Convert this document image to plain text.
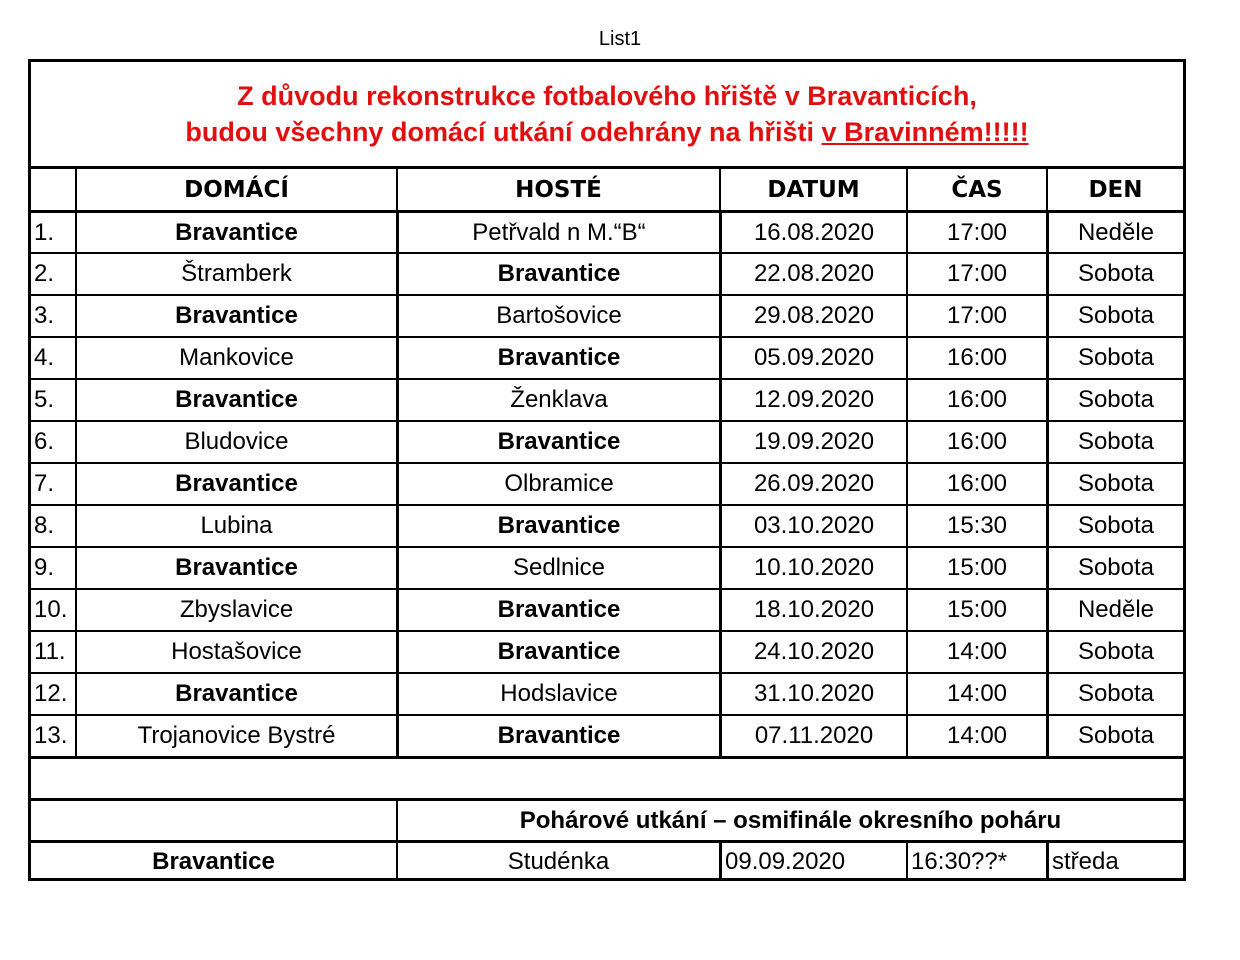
List1
Z důvodu rekonstrukce fotbalového hřiště v Bravanticích,
budou všechny domácí utkání odehrány na hřišti v Bravinném!!!!!
DOMÁCÍ	HOSTÉ	DATUM	ČAS	DEN
1.	Bravantice	Petřvald n M.“B“	16.08.2020	17:00	Neděle
2.	Štramberk	Bravantice	22.08.2020	17:00	Sobota
3.	Bravantice	Bartošovice	29.08.2020	17:00	Sobota
4.	Mankovice	Bravantice	05.09.2020	16:00	Sobota
5.	Bravantice	Ženklava	12.09.2020	16:00	Sobota
6.	Bludovice	Bravantice	19.09.2020	16:00	Sobota
7.	Bravantice	Olbramice	26.09.2020	16:00	Sobota
8.	Lubina	Bravantice	03.10.2020	15:30	Sobota
9.	Bravantice	Sedlnice	10.10.2020	15:00	Sobota
10.	Zbyslavice	Bravantice	18.10.2020	15:00	Neděle
11.	Hostašovice	Bravantice	24.10.2020	14:00	Sobota
12.	Bravantice	Hodslavice	31.10.2020	14:00	Sobota
13.	Trojanovice Bystré	Bravantice	07.11.2020	14:00	Sobota
Pohárové utkání – osmifinále okresního poháru
Bravantice	Studénka	09.09.2020	16:30??*	středa
